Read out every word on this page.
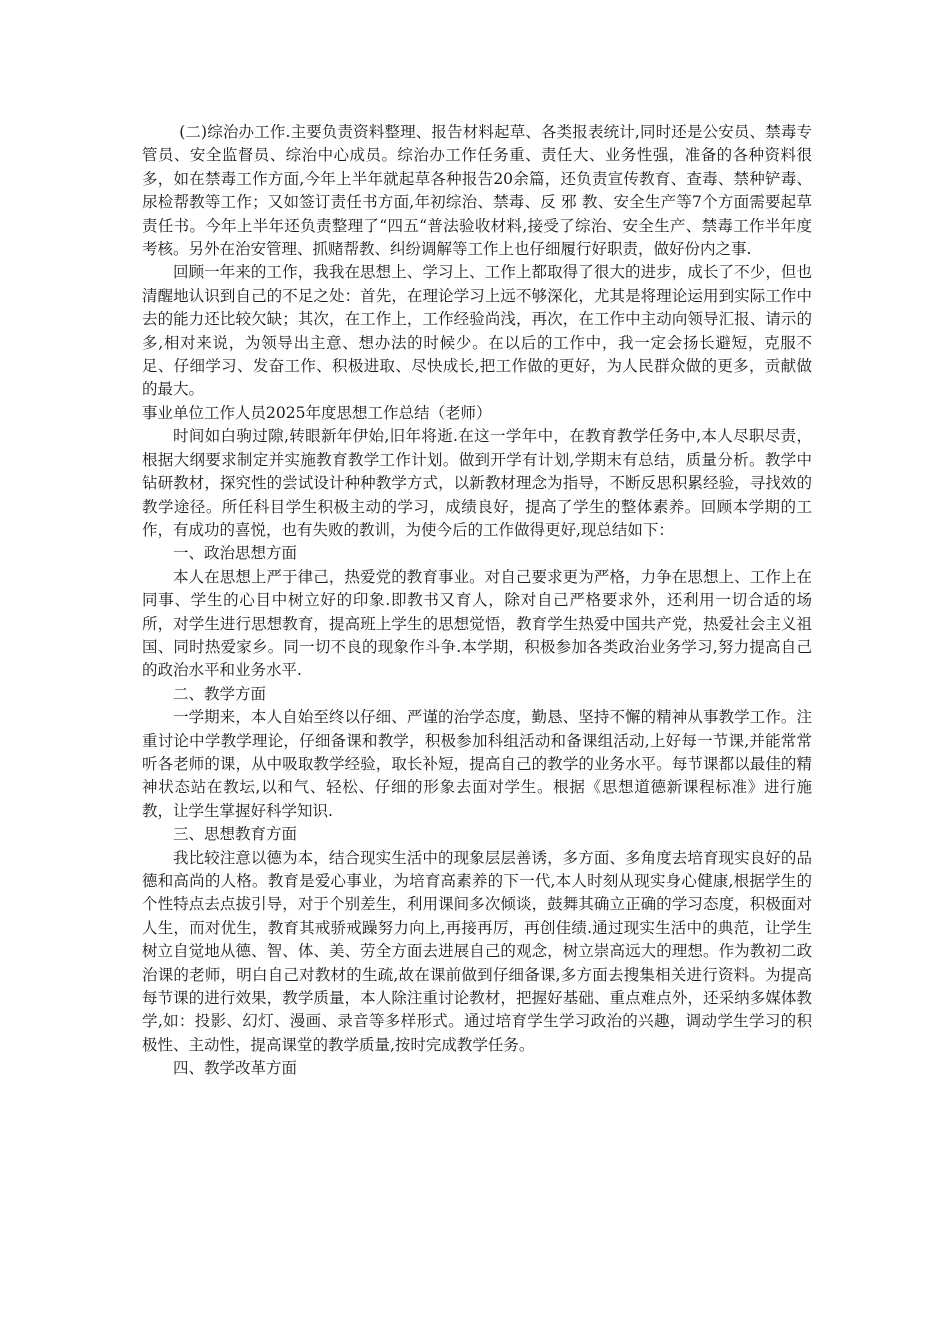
(二)综治办工作.主要负责资料整理、报告材料起草、各类报表统计,同时还是公安员、禁毒专管员、安全监督员、综治中心成员。综治办工作任务重、责任大、业务性强，准备的各种资料很多，如在禁毒工作方面,今年上半年就起草各种报告20余篇，还负责宣传教育、查毒、禁种铲毒、尿检帮教等工作；又如签订责任书方面,年初综治、禁毒、反 邪 教、安全生产等7个方面需要起草责任书。今年上半年还负责整理了“四五“普法验收材料,接受了综治、安全生产、禁毒工作半年度考核。另外在治安管理、抓赌帮教、纠纷调解等工作上也仔细履行好职责，做好份内之事.

回顾一年来的工作，我我在思想上、学习上、工作上都取得了很大的进步，成长了不少，但也清醒地认识到自己的不足之处：首先，在理论学习上远不够深化，尤其是将理论运用到实际工作中去的能力还比较欠缺；其次，在工作上，工作经验尚浅，再次，在工作中主动向领导汇报、请示的多,相对来说，为领导出主意、想办法的时候少。在以后的工作中，我一定会扬长避短，克服不足、仔细学习、发奋工作、积极进取、尽快成长,把工作做的更好，为人民群众做的更多，贡献做的最大。

事业单位工作人员2025年度思想工作总结（老师）

时间如白驹过隙,转眼新年伊始,旧年将逝.在这一学年中，在教育教学任务中,本人尽职尽责，根据大纲要求制定并实施教育教学工作计划。做到开学有计划,学期末有总结，质量分析。教学中钻研教材，探究性的尝试设计种种教学方式，以新教材理念为指导，不断反思积累经验，寻找效的教学途径。所任科目学生积极主动的学习，成绩良好，提高了学生的整体素养。回顾本学期的工作，有成功的喜悦，也有失败的教训，为使今后的工作做得更好,现总结如下：

一、政治思想方面

本人在思想上严于律己，热爱党的教育事业。对自己要求更为严格，力争在思想上、工作上在同事、学生的心目中树立好的印象.即教书又育人，除对自己严格要求外，还利用一切合适的场所，对学生进行思想教育，提高班上学生的思想觉悟，教育学生热爱中国共产党，热爱社会主义祖国、同时热爱家乡。同一切不良的现象作斗争.本学期，积极参加各类政治业务学习,努力提高自己的政治水平和业务水平.

二、教学方面

一学期来，本人自始至终以仔细、严谨的治学态度，勤恳、坚持不懈的精神从事教学工作。注重讨论中学教学理论，仔细备课和教学，积极参加科组活动和备课组活动,上好每一节课,并能常常听各老师的课，从中吸取教学经验，取长补短，提高自己的教学的业务水平。每节课都以最佳的精神状态站在教坛,以和气、轻松、仔细的形象去面对学生。根据《思想道德新课程标准》进行施教，让学生掌握好科学知识.

三、思想教育方面

我比较注意以德为本，结合现实生活中的现象层层善诱，多方面、多角度去培育现实良好的品德和高尚的人格。教育是爱心事业，为培育高素养的下一代,本人时刻从现实身心健康,根据学生的个性特点去点拔引导，对于个别差生，利用课间多次倾谈，鼓舞其确立正确的学习态度，积极面对人生，而对优生，教育其戒骄戒躁努力向上,再接再厉，再创佳绩.通过现实生活中的典范，让学生树立自觉地从德、智、体、美、劳全方面去进展自己的观念，树立崇高远大的理想。作为教初二政治课的老师，明白自己对教材的生疏,故在课前做到仔细备课,多方面去搜集相关进行资料。为提高每节课的进行效果，教学质量，本人除注重讨论教材，把握好基础、重点难点外，还采纳多媒体教学,如：投影、幻灯、漫画、录音等多样形式。通过培育学生学习政治的兴趣，调动学生学习的积极性、主动性，提高课堂的教学质量,按时完成教学任务。

四、教学改革方面
